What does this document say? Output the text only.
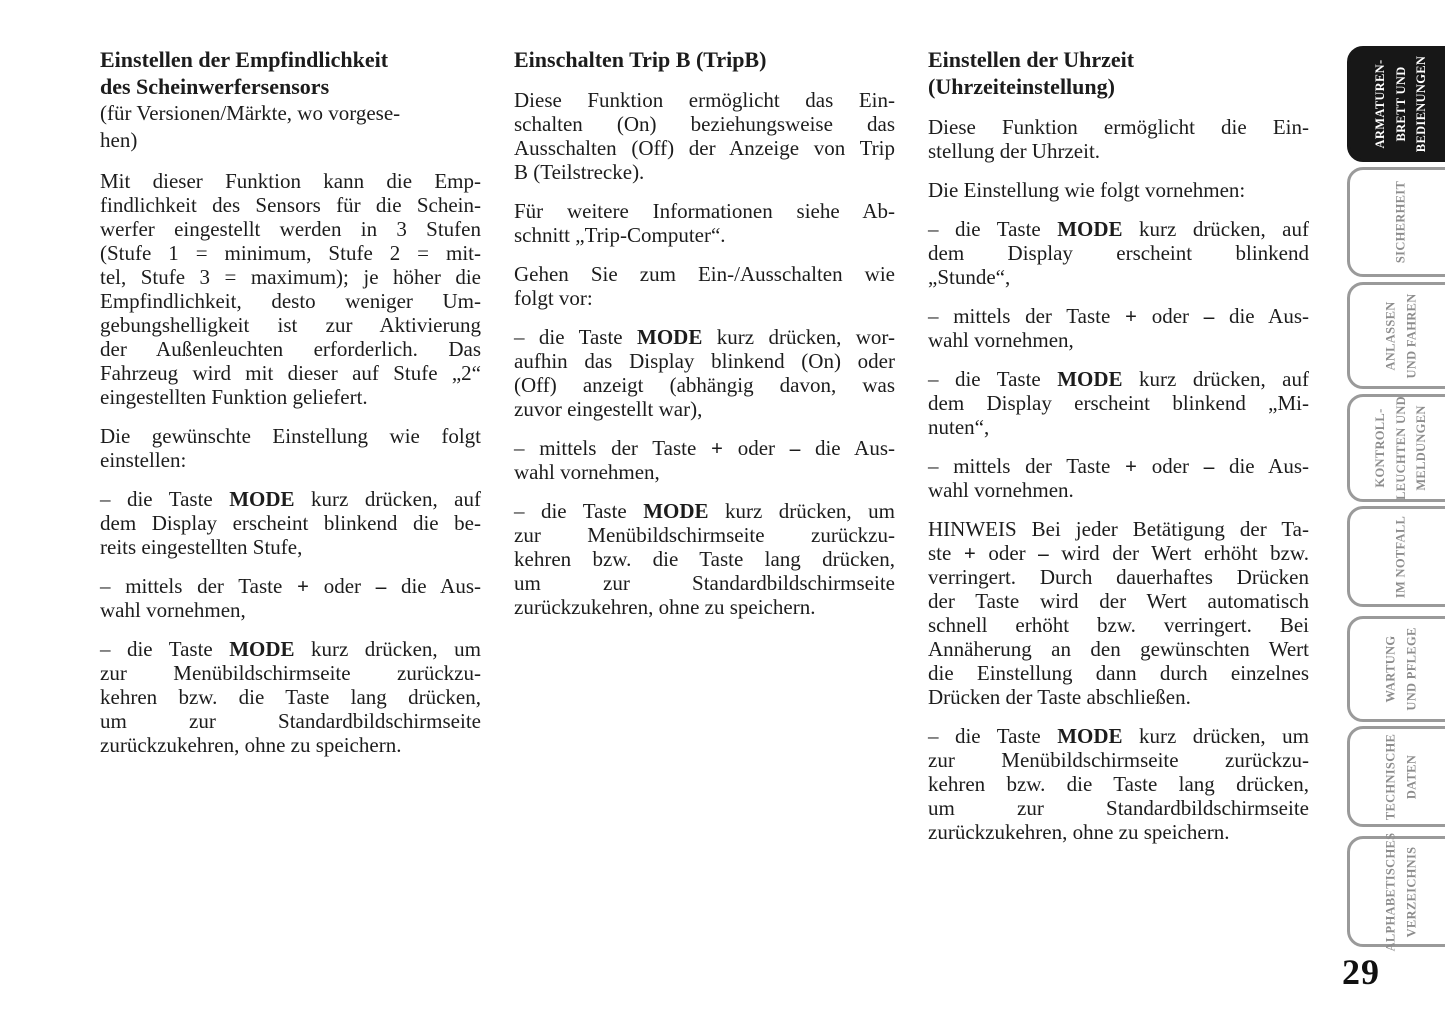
Einstellen der Empfindlichkeit
des Scheinwerfersensors
(für Versionen/Märkte, wo vorgese-
hen)
Mit dieser Funktion kann die Emp-
findlichkeit des Sensors für die Schein-
werfer eingestellt werden in 3 Stufen
(Stufe 1 = minimum, Stufe 2 = mit-
tel, Stufe 3 = maximum); je höher die
Empfindlichkeit, desto weniger Um-
gebungshelligkeit ist zur Aktivierung
der Außenleuchten erforderlich. Das
Fahrzeug wird mit dieser auf Stufe „2“
eingestellten Funktion geliefert.
Die gewünschte Einstellung wie folgt
einstellen:
– die Taste MODE kurz drücken, auf
dem Display erscheint blinkend die be-
reits eingestellten Stufe,
– mittels der Taste + oder – die Aus-
wahl vornehmen,
– die Taste MODE kurz drücken, um
zur Menübildschirmseite zurückzu-
kehren bzw. die Taste lang drücken,
um zur Standardbildschirmseite
zurückzukehren, ohne zu speichern.
Einschalten Trip B (TripB)
Diese Funktion ermöglicht das Ein-
schalten (On) beziehungsweise das
Ausschalten (Off) der Anzeige von Trip
B (Teilstrecke).
Für weitere Informationen siehe Ab-
schnitt „Trip-Computer“.
Gehen Sie zum Ein-/Ausschalten wie
folgt vor:
– die Taste MODE kurz drücken, wor-
aufhin das Display blinkend (On) oder
(Off) anzeigt (abhängig davon, was
zuvor eingestellt war),
– mittels der Taste + oder – die Aus-
wahl vornehmen,
– die Taste MODE kurz drücken, um
zur Menübildschirmseite zurückzu-
kehren bzw. die Taste lang drücken,
um zur Standardbildschirmseite
zurückzukehren, ohne zu speichern.
Einstellen der Uhrzeit
(Uhrzeiteinstellung)
Diese Funktion ermöglicht die Ein-
stellung der Uhrzeit.
Die Einstellung wie folgt vornehmen:
– die Taste MODE kurz drücken, auf
dem Display erscheint blinkend
„Stunde“,
– mittels der Taste + oder – die Aus-
wahl vornehmen,
– die Taste MODE kurz drücken, auf
dem Display erscheint blinkend „Mi-
nuten“,
– mittels der Taste + oder – die Aus-
wahl vornehmen.
HINWEIS Bei jeder Betätigung der Ta-
ste + oder – wird der Wert erhöht bzw.
verringert. Durch dauerhaftes Drücken
der Taste wird der Wert automatisch
schnell erhöht bzw. verringert. Bei
Annäherung an den gewünschten Wert
die Einstellung dann durch einzelnes
Drücken der Taste abschließen.
– die Taste MODE kurz drücken, um
zur Menübildschirmseite zurückzu-
kehren bzw. die Taste lang drücken,
um zur Standardbildschirmseite
zurückzukehren, ohne zu speichern.
ARMATUREN- BRETT UND BEDIENUNGEN
SICHERHEIT
ANLASSEN UND FAHREN
KONTROLL- LEUCHTEN UND MELDUNGEN
IM NOTFALL
WARTUNG UND PFLEGE
TECHNISCHE DATEN
ALPHABETISCHES VERZEICHNIS
29
